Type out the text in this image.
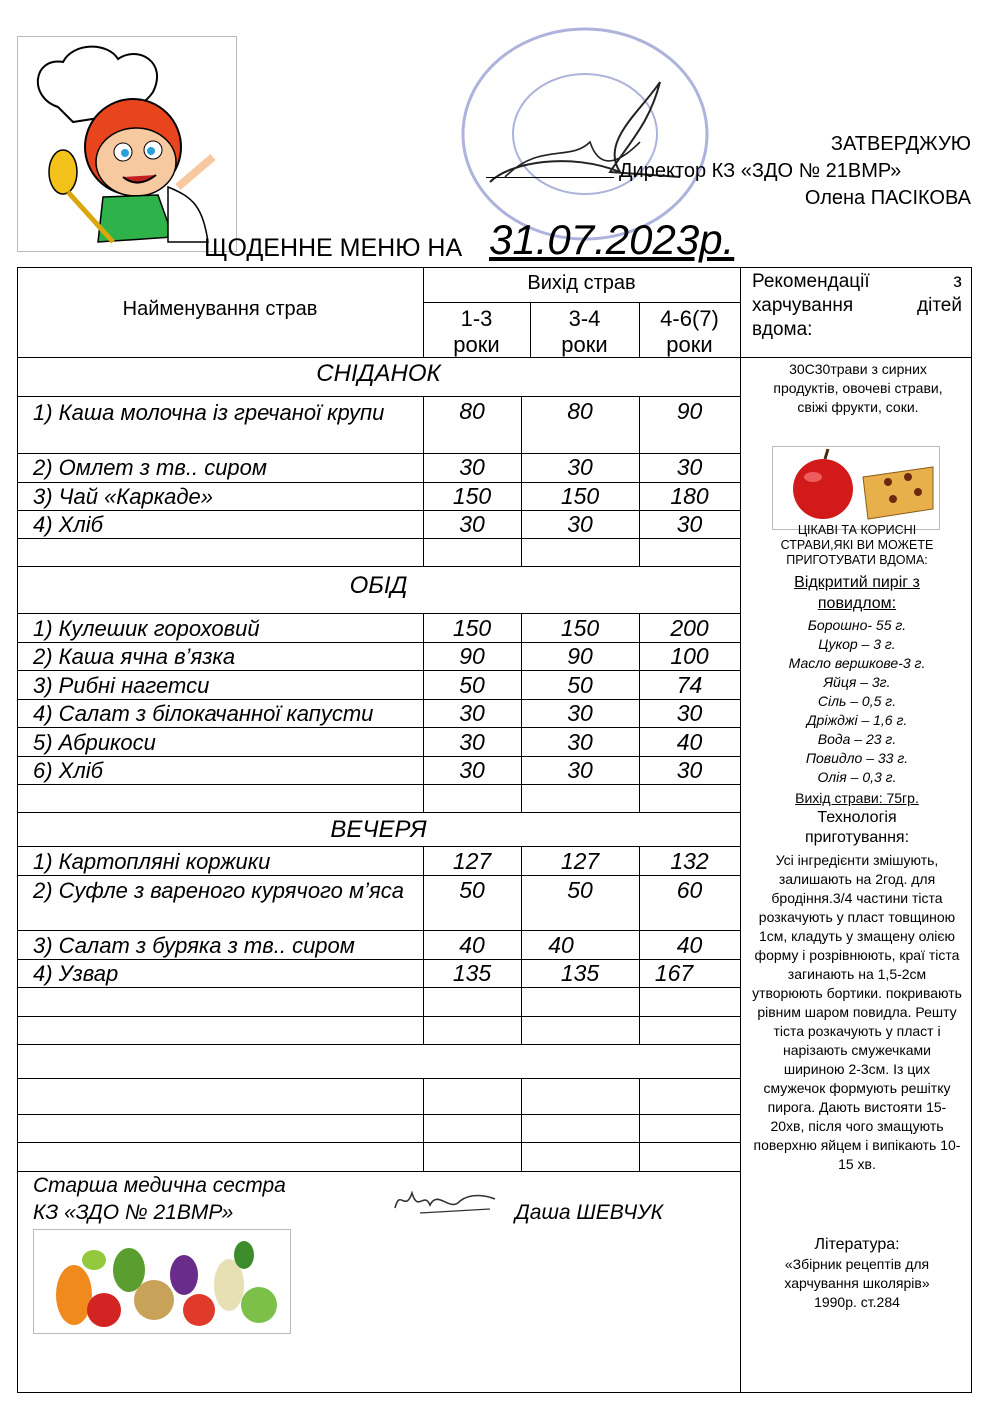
ЗАТВЕРДЖУЮ
Директор КЗ «ЗДО № 21ВМР»
Олена ПАСІКОВА
ЩОДЕННЕ МЕНЮ НА 31.07.2023р.
Найменування страв
Вихід страв
1-3
роки
3-4
роки
4-6(7)
роки
Рекомендації з харчування дітей вдома:
СНІДАНОК
1) Каша молочна із гречаної крупи	80	80	90
2) Омлет з тв.. сиром	30	30	30
3) Чай «Каркаде»	150	150	180
4) Хліб	30	30	30
ОБІД
1) Кулешик гороховий	150	150	200
2) Каша ячна в’язка	90	90	100
3) Рибні нагетси	50	50	74
4) Салат з білокачанної капусти	30	30	30
5) Абрикоси	30	30	40
6) Хліб	30	30	30
ВЕЧЕРЯ
1) Картопляні коржики	127	127	132
2) Суфле з вареного курячого м’яса	50	50	60
3) Салат з буряка з тв.. сиром	40	40	40
4) Узвар	135	135	167
Старша медична сестра
КЗ «ЗДО № 21ВМР»	Даша ШЕВЧУК
30С30трави з сирних продуктів, овочеві страви, свіжі фрукти, соки.
ЦІКАВІ ТА КОРИСНІ СТРАВИ,ЯКІ ВИ МОЖЕТЕ ПРИГОТУВАТИ ВДОМА:
Відкритий пиріг з повидлом:
Борошно- 55 г.
Цукор – 3 г.
Масло вершкове-3 г.
Яйця – 3г.
Сіль – 0,5 г.
Дріжджі – 1,6 г.
Вода – 23 г.
Повидло – 33 г.
Олія – 0,3 г.
Вихід страви: 75гр.
Технологія приготування:
Усі інгредієнти змішують, залишають на 2год. для бродіння.3/4 частини тіста розкачують у пласт товщиною 1см, кладуть у змащену олією форму і розрівнюють, краї тіста загинають на 1,5-2см утворюють бортики. покривають рівним шаром повидла. Решту тіста розкачують у пласт і нарізають смужечками шириною 2-3см. Із цих смужечок формують решітку пирога. Дають вистояти 15-20хв, після чого змащують поверхню яйцем і випікають 10-15 хв.
Література:
«Збірник рецептів для харчування школярів» 1990р. ст.284
